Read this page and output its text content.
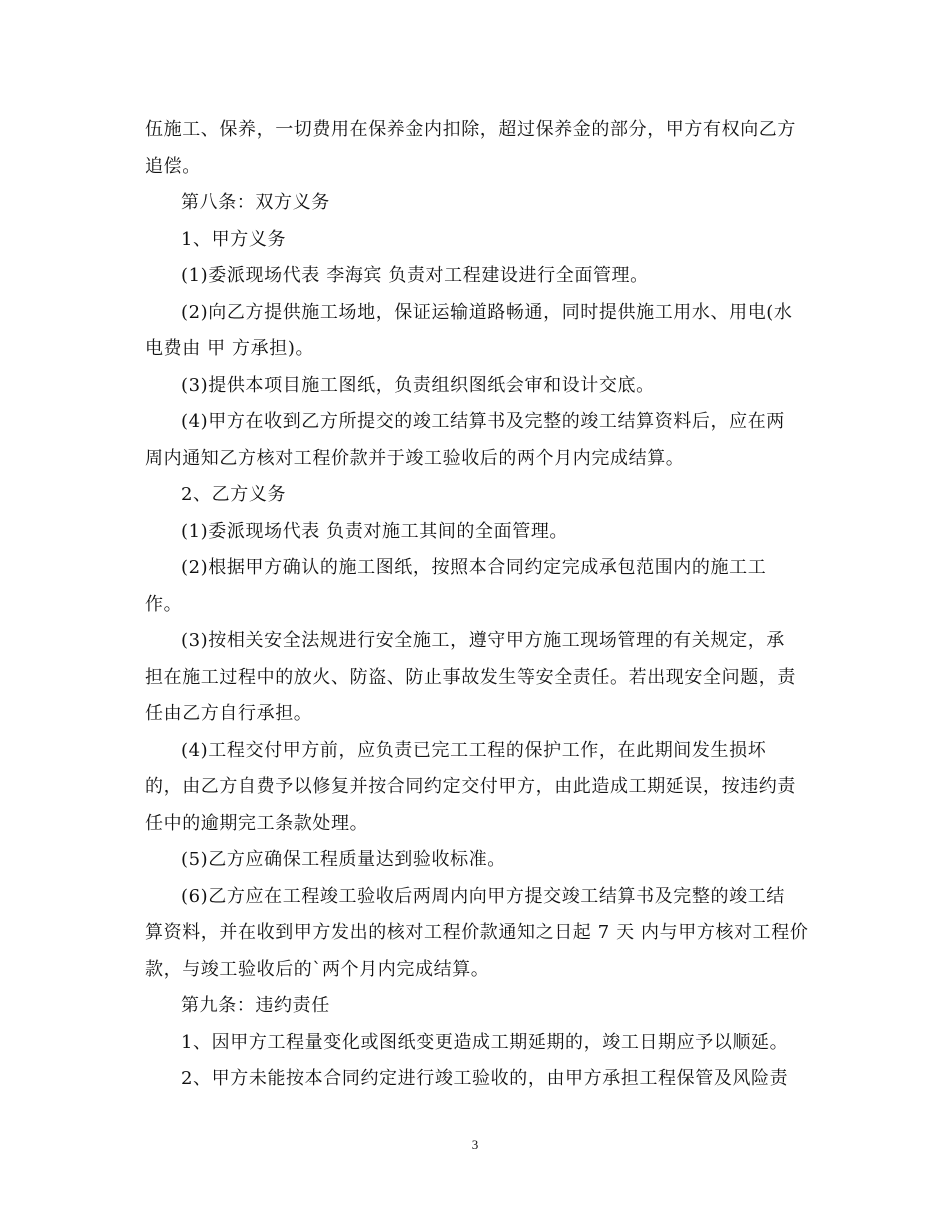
伍施工、保养，一切费用在保养金内扣除，超过保养金的部分，甲方有权向乙方
追偿。
第八条：双方义务
1、甲方义务
(1)委派现场代表 李海宾 负责对工程建设进行全面管理。
(2)向乙方提供施工场地，保证运输道路畅通，同时提供施工用水、用电(水
电费由 甲 方承担)。
(3)提供本项目施工图纸，负责组织图纸会审和设计交底。
(4)甲方在收到乙方所提交的竣工结算书及完整的竣工结算资料后，应在两
周内通知乙方核对工程价款并于竣工验收后的两个月内完成结算。
2、乙方义务
(1)委派现场代表 负责对施工其间的全面管理。
(2)根据甲方确认的施工图纸，按照本合同约定完成承包范围内的施工工
作。
(3)按相关安全法规进行安全施工，遵守甲方施工现场管理的有关规定，承
担在施工过程中的放火、防盗、防止事故发生等安全责任。若出现安全问题，责
任由乙方自行承担。
(4)工程交付甲方前，应负责已完工工程的保护工作，在此期间发生损坏
的，由乙方自费予以修复并按合同约定交付甲方，由此造成工期延误，按违约责
任中的逾期完工条款处理。
(5)乙方应确保工程质量达到验收标准。
(6)乙方应在工程竣工验收后两周内向甲方提交竣工结算书及完整的竣工结
算资料，并在收到甲方发出的核对工程价款通知之日起 7 天 内与甲方核对工程价
款，与竣工验收后的`两个月内完成结算。
第九条：违约责任
1、因甲方工程量变化或图纸变更造成工期延期的，竣工日期应予以顺延。
2、甲方未能按本合同约定进行竣工验收的，由甲方承担工程保管及风险责
3
